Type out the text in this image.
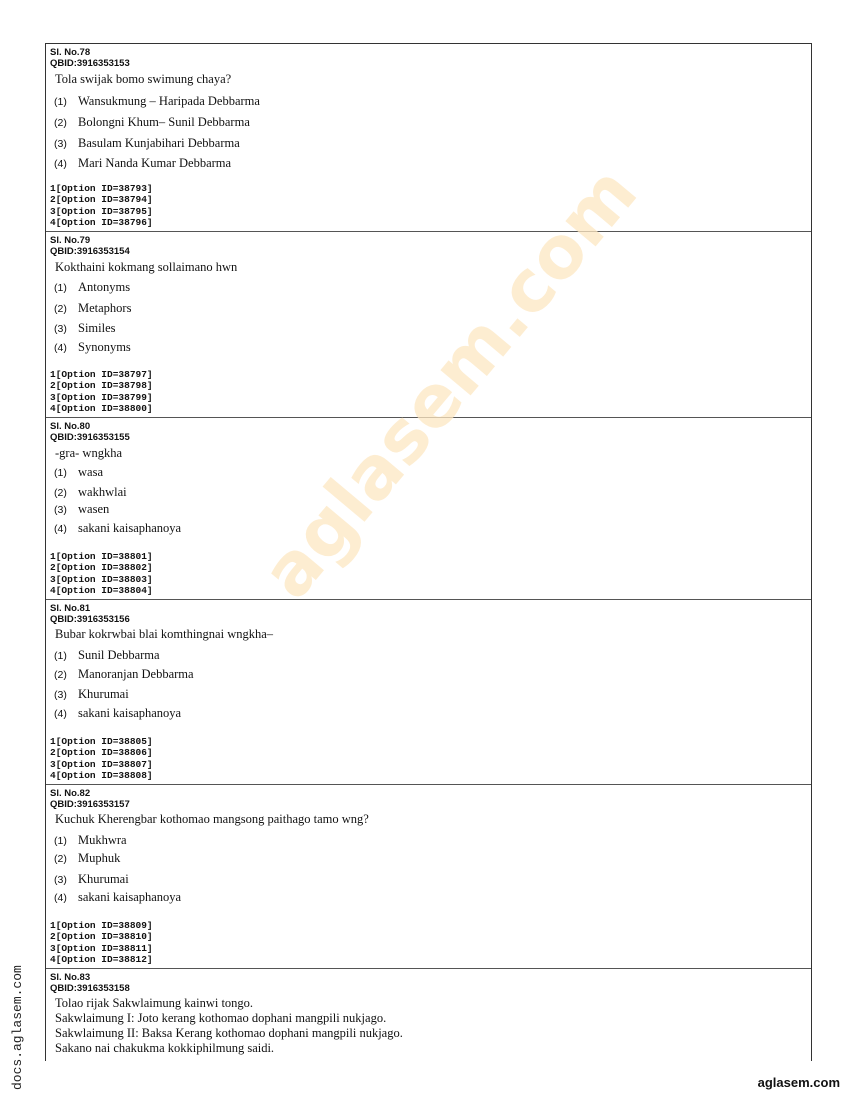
Sl. No.78
QBID:3916353153
Tola swijak bomo swimung chaya?
(1) Wansukmung – Haripada Debbarma
(2) Bolongni Khum– Sunil Debbarma
(3) Basulam Kunjabihari Debbarma
(4) Mari Nanda Kumar Debbarma
1[Option ID=38793]
2[Option ID=38794]
3[Option ID=38795]
4[Option ID=38796]
Sl. No.79
QBID:3916353154
Kokthaini kokmang sollaimano hwn
(1) Antonyms
(2) Metaphors
(3) Similes
(4) Synonyms
1[Option ID=38797]
2[Option ID=38798]
3[Option ID=38799]
4[Option ID=38800]
Sl. No.80
QBID:3916353155
-gra- wngkha
(1) wasa
(2) wakhwlai
(3) wasen
(4) sakani kaisaphanoya
1[Option ID=38801]
2[Option ID=38802]
3[Option ID=38803]
4[Option ID=38804]
Sl. No.81
QBID:3916353156
Bubar kokrwbai blai komthingnai wngkha–
(1) Sunil Debbarma
(2) Manoranjan Debbarma
(3) Khurumai
(4) sakani kaisaphanoya
1[Option ID=38805]
2[Option ID=38806]
3[Option ID=38807]
4[Option ID=38808]
Sl. No.82
QBID:3916353157
Kuchuk Kherengbar kothomao mangsong paithago tamo wng?
(1) Mukhwra
(2) Muphuk
(3) Khurumai
(4) sakani kaisaphanoya
1[Option ID=38809]
2[Option ID=38810]
3[Option ID=38811]
4[Option ID=38812]
Sl. No.83
QBID:3916353158
Tolao rijak Sakwlaimung kainwi tongo.
Sakwlaimung I: Joto kerang kothomao dophani mangpili nukjago.
Sakwlaimung II: Baksa Kerang kothomao dophani mangpili nukjago.
Sakano nai chakukma kokkiphilmung saidi.
aglasem.com
docs.aglasem.com	aglasem.com
